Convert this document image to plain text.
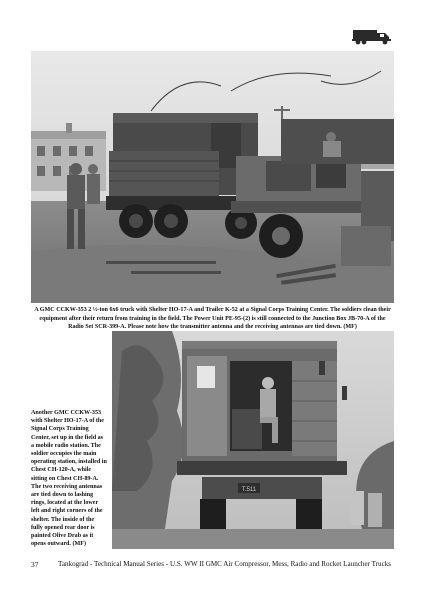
A GMC CCKW-353 2 ½-ton 6x6 truck with Shelter HO-17-A and Trailer K-52 at a Signal Corps Training Center. The soldiers clean their equipment after their return from training in the field. The Power Unit PE-95-(2) is still connected to the Junction Box JB-70-A of the Radio Set SCR-399-A. Please note how the transmitter antenna and the receiving antennas are tied down. (MF)
T.511
Another GMC CCKW-353 with Shelter HO-17-A of the Signal Corps Training Center, set up in the field as a mobile radio station. The soldier occupies the main operating station, installed in Chest CH-120-A, while sitting on Chest CH-89-A. The two receiving antennas are tied down to lashing rings, located at the lower left and right corners of the shelter. The inside of the fully opened rear door is painted Olive Drab as it opens outward. (MF)
37	Tankograd - Technical Manual Series - U.S. WW II GMC Air Compressor, Mess, Radio and Rocket Launcher Trucks
